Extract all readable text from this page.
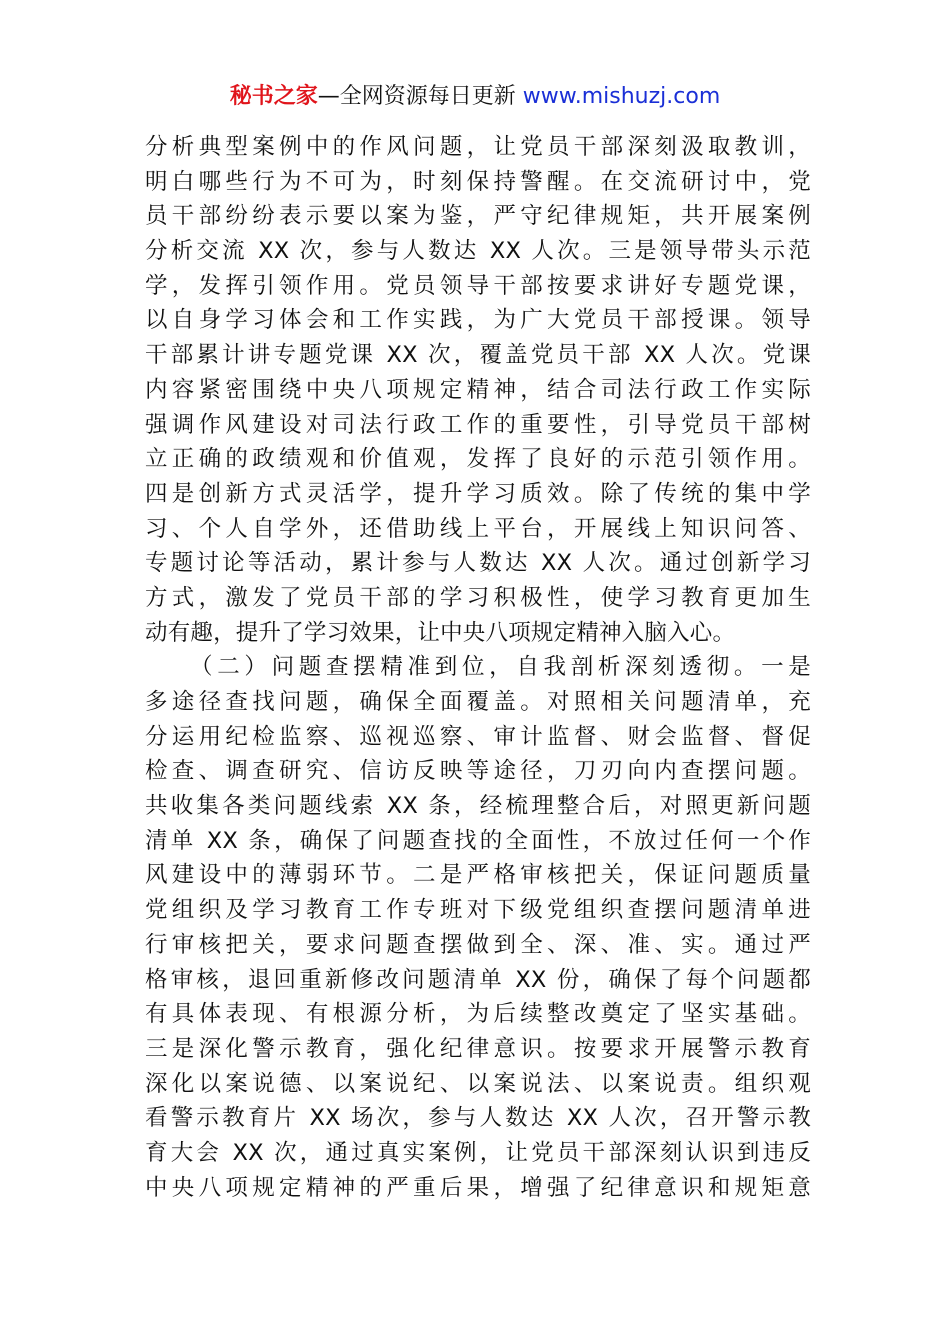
秘书之家—全网资源每日更新 www.mishuzj.com
分析典型案例中的作风问题，让党员干部深刻汲取教训，
明白哪些行为不可为，时刻保持警醒。在交流研讨中，党
员干部纷纷表示要以案为鉴，严守纪律规矩，共开展案例
分析交流 XX 次，参与人数达 XX 人次。三是领导带头示范
学，发挥引领作用。党员领导干部按要求讲好专题党课，
以自身学习体会和工作实践，为广大党员干部授课。领导
干部累计讲专题党课 XX 次，覆盖党员干部 XX 人次。党课
内容紧密围绕中央八项规定精神，结合司法行政工作实际
强调作风建设对司法行政工作的重要性，引导党员干部树
立正确的政绩观和价值观，发挥了良好的示范引领作用。
四是创新方式灵活学，提升学习质效。除了传统的集中学
习、个人自学外，还借助线上平台，开展线上知识问答、
专题讨论等活动，累计参与人数达 XX 人次。通过创新学习
方式，激发了党员干部的学习积极性，使学习教育更加生
动有趣，提升了学习效果，让中央八项规定精神入脑入心。
（二）问题查摆精准到位，自我剖析深刻透彻。一是
多途径查找问题，确保全面覆盖。对照相关问题清单，充
分运用纪检监察、巡视巡察、审计监督、财会监督、督促
检查、调查研究、信访反映等途径，刀刃向内查摆问题。
共收集各类问题线索 XX 条，经梳理整合后，对照更新问题
清单 XX 条，确保了问题查找的全面性，不放过任何一个作
风建设中的薄弱环节。二是严格审核把关，保证问题质量
党组织及学习教育工作专班对下级党组织查摆问题清单进
行审核把关，要求问题查摆做到全、深、准、实。通过严
格审核，退回重新修改问题清单 XX 份，确保了每个问题都
有具体表现、有根源分析，为后续整改奠定了坚实基础。
三是深化警示教育，强化纪律意识。按要求开展警示教育
深化以案说德、以案说纪、以案说法、以案说责。组织观
看警示教育片 XX 场次，参与人数达 XX 人次，召开警示教
育大会 XX 次，通过真实案例，让党员干部深刻认识到违反
中央八项规定精神的严重后果，增强了纪律意识和规矩意
